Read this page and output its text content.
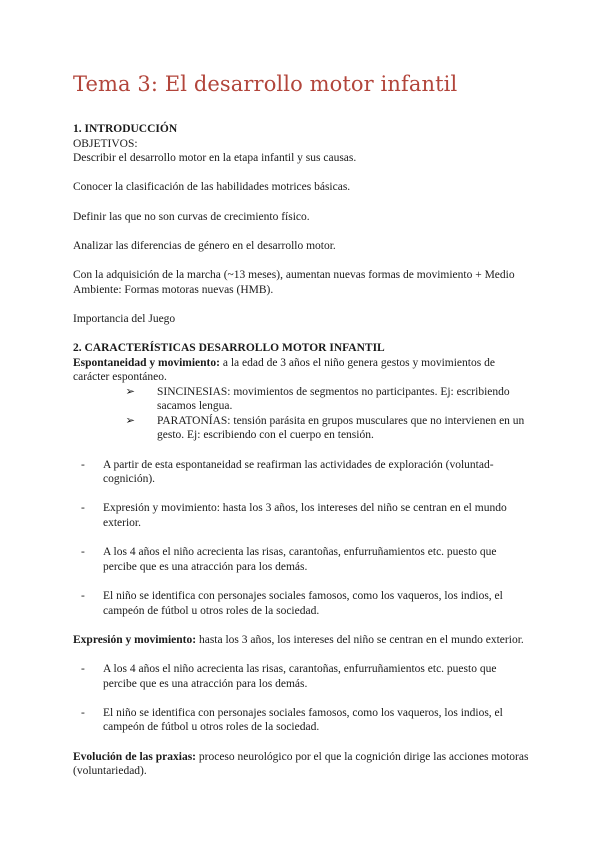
Tema 3: El desarrollo motor infantil

1. INTRODUCCIÓN

OBJETIVOS:

Describir el desarrollo motor en la etapa infantil y sus causas.

Conocer la clasificación de las habilidades motrices básicas.

Definir las que no son curvas de crecimiento físico.

Analizar las diferencias de género en el desarrollo motor.

Con la adquisición de la marcha (~13 meses), aumentan nuevas formas de movimiento + Medio Ambiente: Formas motoras nuevas (HMB).

Importancia del Juego

2. CARACTERÍSTICAS DESARROLLO MOTOR INFANTIL

Espontaneidad y movimiento: a la edad de 3 años el niño genera gestos y movimientos de carácter espontáneo.

➢ SINCINESIAS: movimientos de segmentos no participantes. Ej: escribiendo sacamos lengua.
➢ PARATONÍAS: tensión parásita en grupos musculares que no intervienen en un gesto. Ej: escribiendo con el cuerpo en tensión.
- A partir de esta espontaneidad se reafirman las actividades de exploración (voluntad-cognición).
- Expresión y movimiento: hasta los 3 años, los intereses del niño se centran en el mundo exterior.
- A los 4 años el niño acrecienta las risas, carantoñas, enfurruñamientos etc. puesto que percibe que es una atracción para los demás.
- El niño se identifica con personajes sociales famosos, como los vaqueros, los indios, el campeón de fútbol u otros roles de la sociedad.

Expresión y movimiento: hasta los 3 años, los intereses del niño se centran en el mundo exterior.

- A los 4 años el niño acrecienta las risas, carantoñas, enfurruñamientos etc. puesto que percibe que es una atracción para los demás.
- El niño se identifica con personajes sociales famosos, como los vaqueros, los indios, el campeón de fútbol u otros roles de la sociedad.

Evolución de las praxias: proceso neurológico por el que la cognición dirige las acciones motoras (voluntariedad).
